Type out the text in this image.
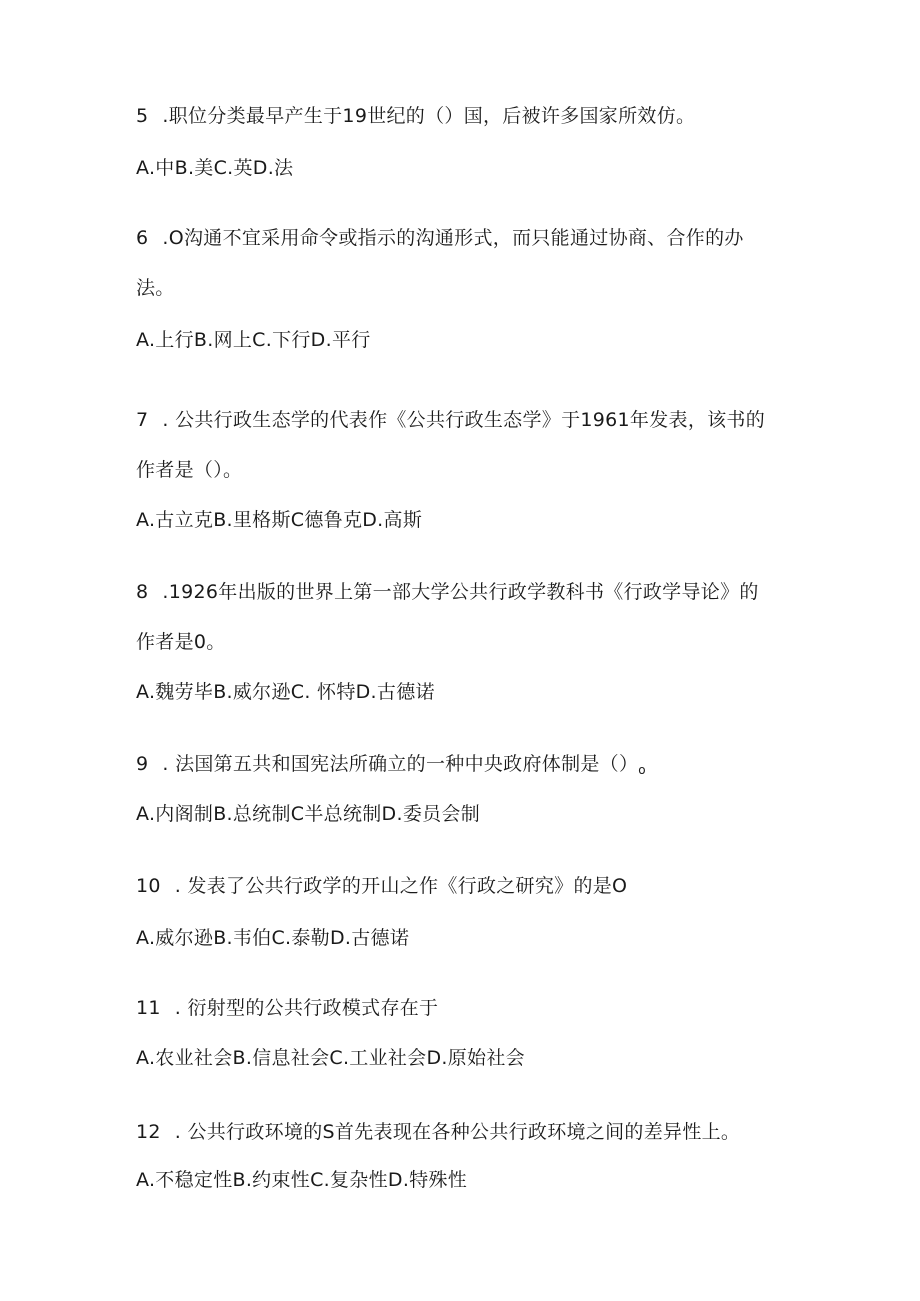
5 .职位分类最早产生于19世纪的（）国，后被许多国家所效仿。
A.中B.美C.英D.法
6 .O沟通不宜采用命令或指示的沟通形式，而只能通过协商、合作的办
法。
A.上行B.网上C.下行D.平行
7 . 公共行政生态学的代表作《公共行政生态学》于1961年发表，该书的
作者是（）。
A.古立克B.里格斯C德鲁克D.高斯
8 .1926年出版的世界上第一部大学公共行政学教科书《行政学导论》的
作者是0。
A.魏劳毕B.威尔逊C. 怀特D.古德诺
9 . 法国第五共和国宪法所确立的一种中央政府体制是$()_o$
A.内阁制B.总统制C半总统制D.委员会制
10 . 发表了公共行政学的开山之作《行政之研究》的是O
A.威尔逊B.韦伯C.泰勒D.古德诺
11 . 衍射型的公共行政模式存在于
A.农业社会B.信息社会C.工业社会D.原始社会
12 . 公共行政环境的S首先表现在各种公共行政环境之间的差异性上。
A.不稳定性B.约束性C.复杂性D.特殊性
